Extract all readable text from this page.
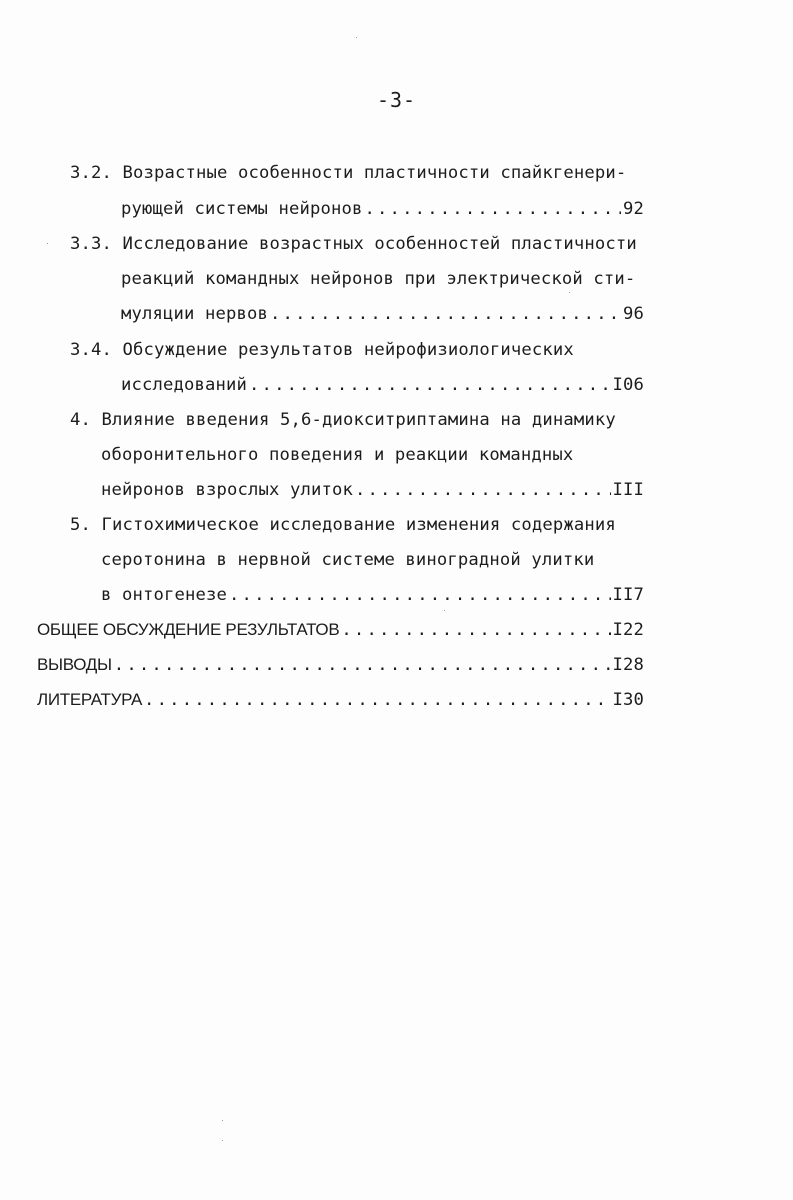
-3-
3.2. Возрастные особенности пластичности спайкгенери-
рующей системы нейронов .....	92
3.3. Исследование возрастных особенностей пластичности
реакций командных нейронов при электрической сти-
муляции нервов .....	96
3.4. Обсуждение результатов нейрофизиологических
исследований .....	I06
4. Влияние введения 5,6-диокситриптамина на динамику
оборонительного поведения и реакции командных
нейронов взрослых улиток .....	III
5. Гистохимическое исследование изменения содержания
серотонина в нервной системе виноградной улитки
в онтогенезе .....	II7
ОБЩЕЕ ОБСУЖДЕНИЕ РЕЗУЛЬТАТОВ .....	I22
ВЫВОДЫ .....	I28
ЛИТЕРАТУРА .....	I30
